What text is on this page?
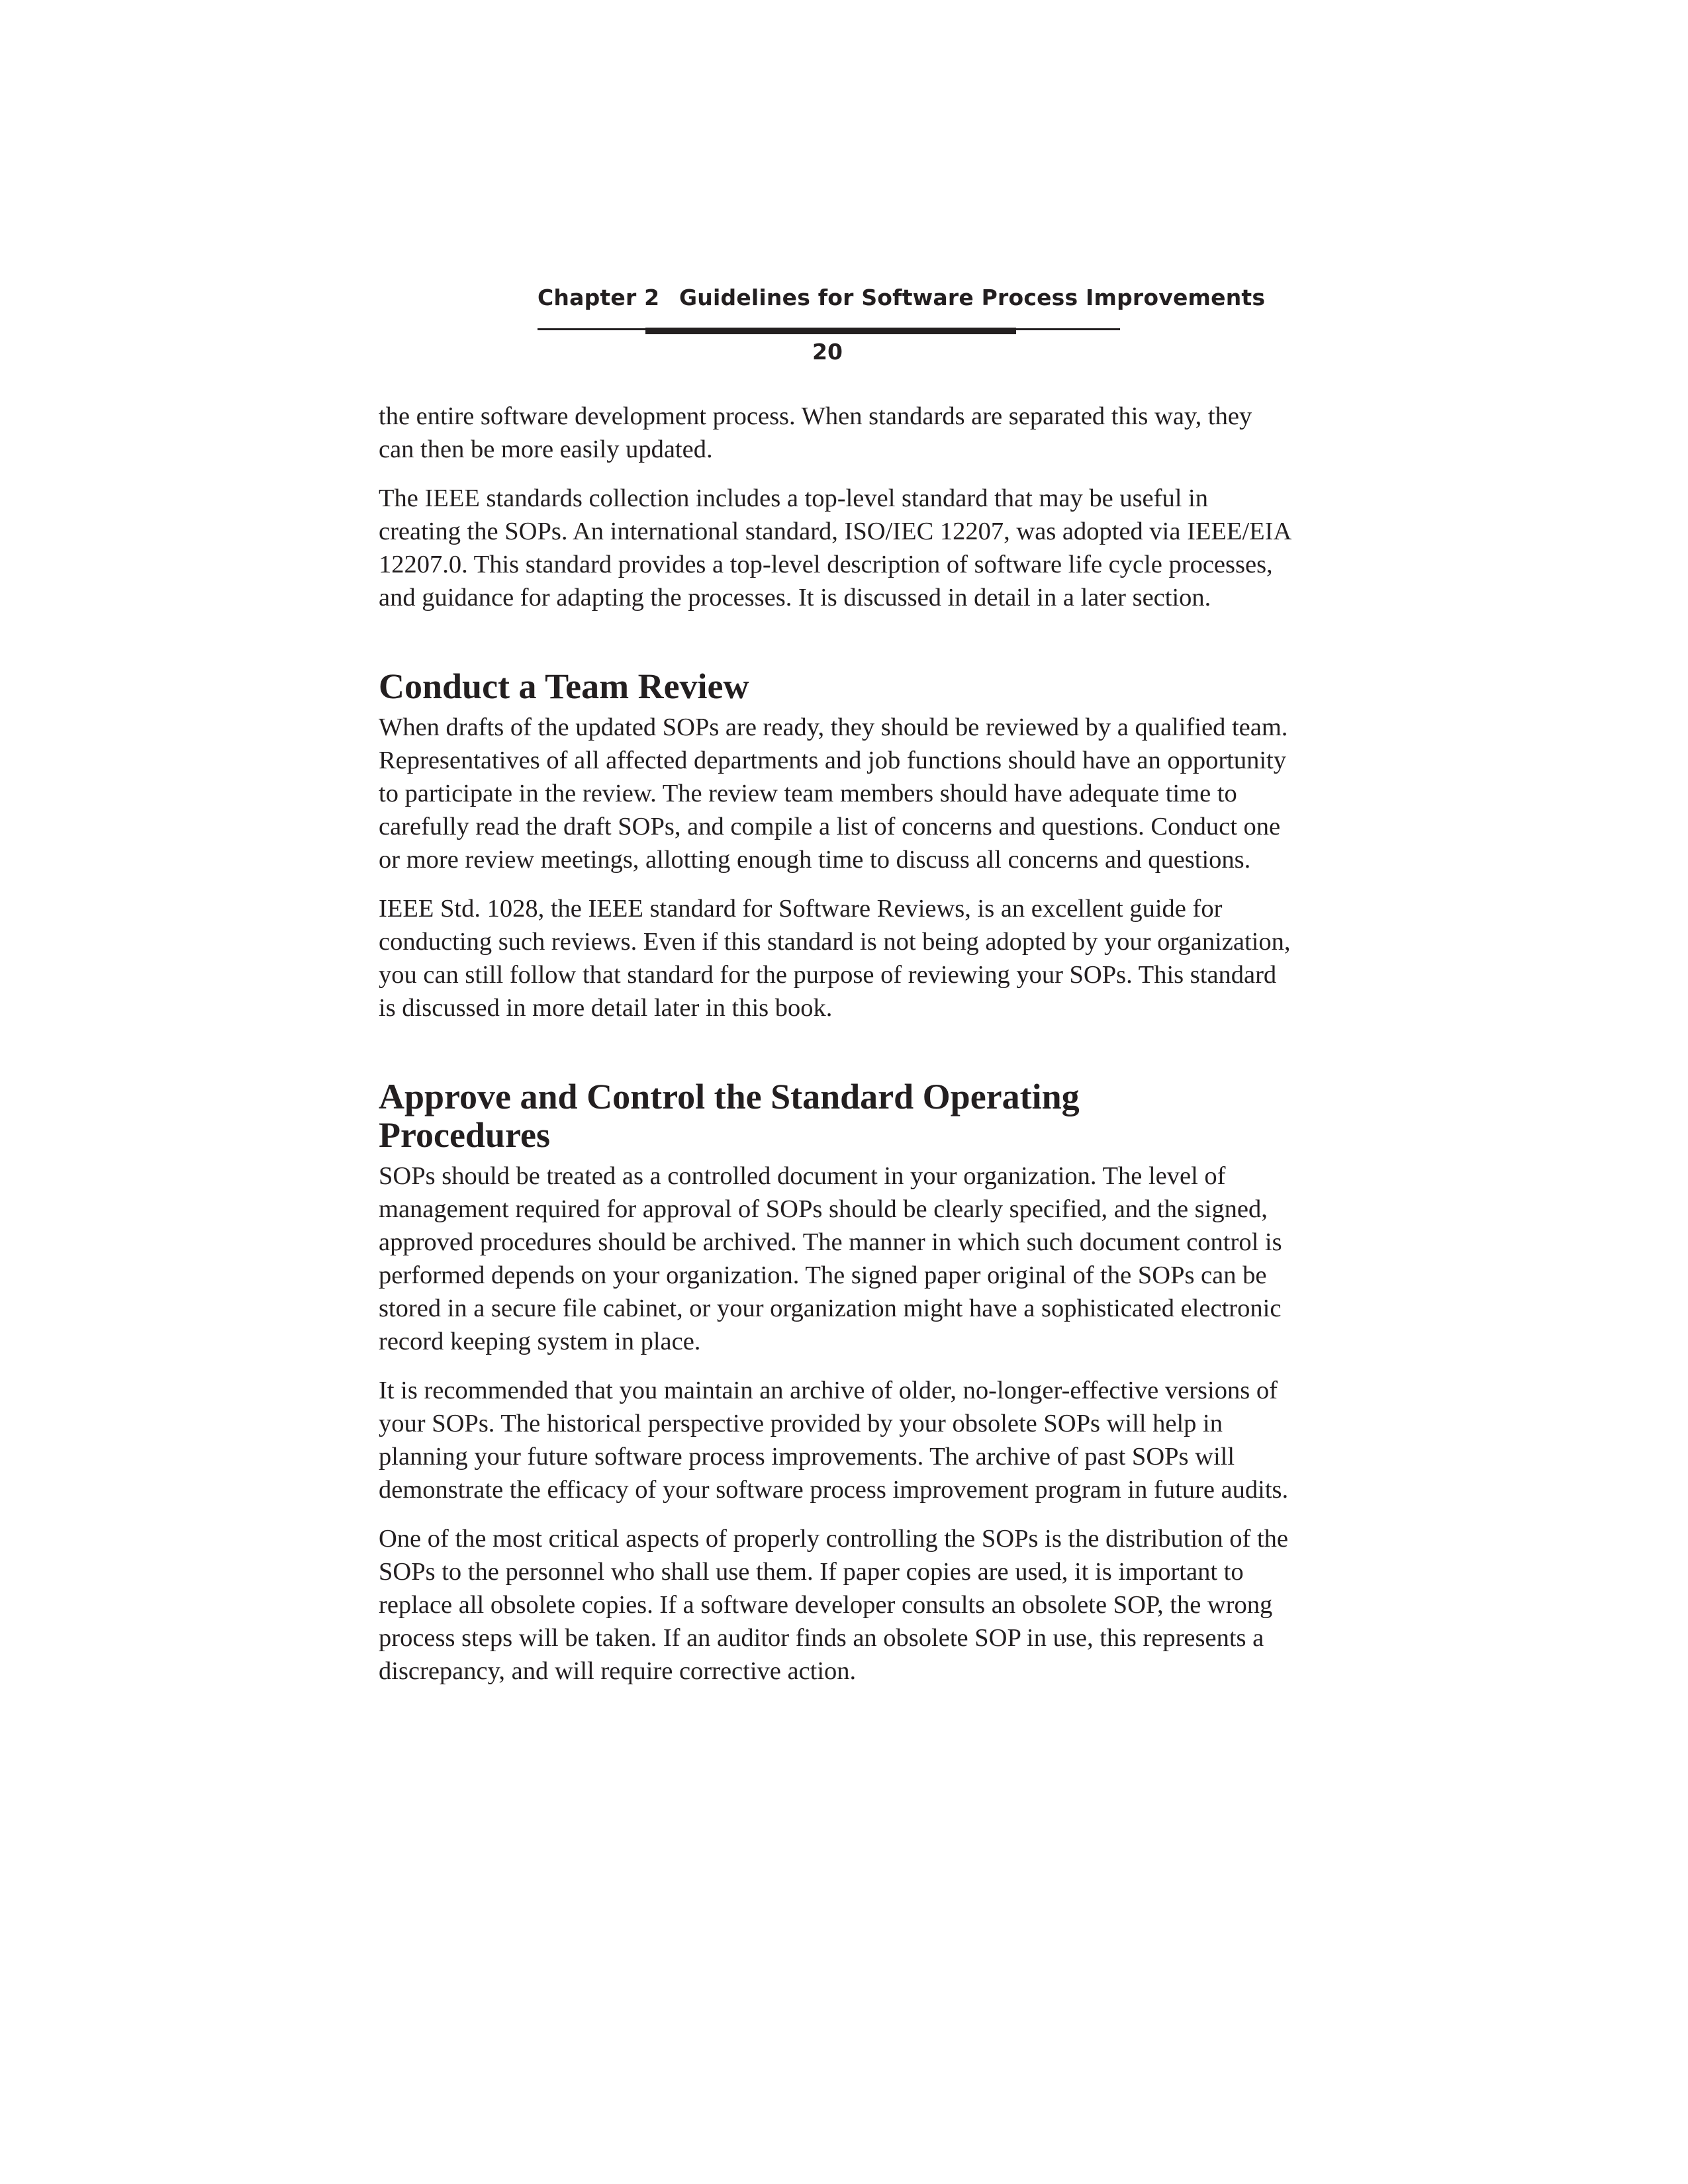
Chapter 2 Guidelines for Software Process Improvements
20

the entire software development process. When standards are separated this way, they can then be more easily updated.

The IEEE standards collection includes a top-level standard that may be useful in creating the SOPs. An international standard, ISO/IEC 12207, was adopted via IEEE/EIA 12207.0. This standard provides a top-level description of software life cycle processes, and guidance for adapting the processes. It is discussed in detail in a later section.

Conduct a Team Review

When drafts of the updated SOPs are ready, they should be reviewed by a qualified team. Representatives of all affected departments and job functions should have an opportunity to participate in the review. The review team members should have adequate time to carefully read the draft SOPs, and compile a list of concerns and questions. Conduct one or more review meetings, allotting enough time to discuss all concerns and questions.

IEEE Std. 1028, the IEEE standard for Software Reviews, is an excellent guide for conducting such reviews. Even if this standard is not being adopted by your organization, you can still follow that standard for the purpose of reviewing your SOPs. This standard is discussed in more detail later in this book.

Approve and Control the Standard Operating Procedures

SOPs should be treated as a controlled document in your organization. The level of management required for approval of SOPs should be clearly specified, and the signed, approved procedures should be archived. The manner in which such document control is performed depends on your organization. The signed paper original of the SOPs can be stored in a secure file cabinet, or your organization might have a sophisticated electronic record keeping system in place.

It is recommended that you maintain an archive of older, no-longer-effective versions of your SOPs. The historical perspective provided by your obsolete SOPs will help in planning your future software process improvements. The archive of past SOPs will demonstrate the efficacy of your software process improvement program in future audits.

One of the most critical aspects of properly controlling the SOPs is the distribution of the SOPs to the personnel who shall use them. If paper copies are used, it is important to replace all obsolete copies. If a software developer consults an obsolete SOP, the wrong process steps will be taken. If an auditor finds an obsolete SOP in use, this represents a discrepancy, and will require corrective action.
